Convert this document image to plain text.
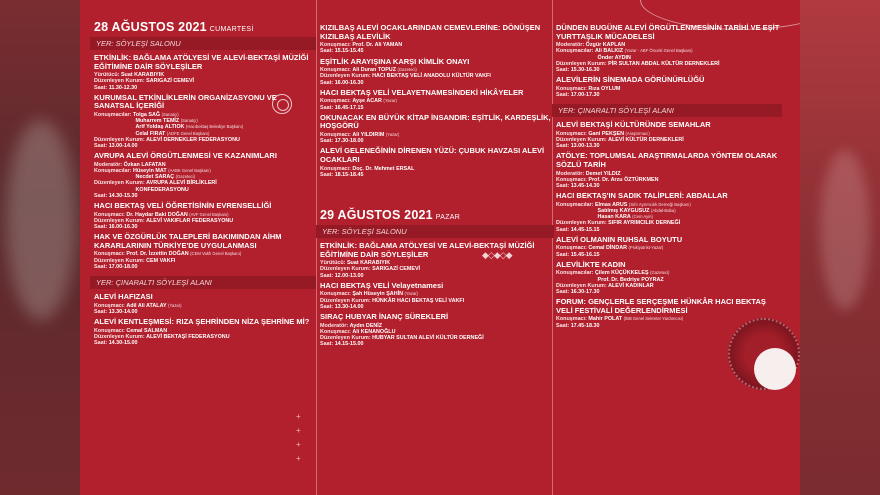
28 AĞUSTOS 2021 CUMARTESİ
YER: SÖYLEŞİ SALONU
ETKİNLİK: BAĞLAMA ATÖLYESİ VE ALEVİ-BEKTAŞİ MÜZİĞİ EĞİTİMİNE DAİR SÖYLEŞİLER
Yürütücü: Suat KARABIYIK
Düzenleyen Kurum: SARIGAZİ CEMEVİ
Saat: 11.30-12.30
KURUMSAL ETKİNLİKLERİN ORGANİZASYONU VE SANATSAL İÇERİĞİ
Konuşmacılar: Tolga SAĞ (Sanatçı)
Muharrem TEMİZ (Sanatçı)
Arif Yoldaş ALTIOK (Hacıbektaş Belediye Başkanı)
Celal FIRAT (ADFE Genel Başkanı)
Düzenleyen Kurum: ALEVİ DERNEKLER FEDERASYONU
Saat: 13.00-14.00
AVRUPA ALEVİ ÖRGÜTLENMESİ VE KAZANIMLARI
Moderatör: Özkan LAFATAN
Konuşmacılar: Hüseyin MAT (AABK Genel Başkanı)
Necdet SARAÇ (Gazeteci)
Düzenleyen Kurum: AVRUPA ALEVİ BİRLİKLERİ
KONFEDERASYONU
Saat: 14.30-15.30
HACI BEKTAŞ VELİ ÖĞRETİSİNİN EVRENSELLİĞİ
Konuşmacı: Dr. Haydar Baki DOĞAN (AVF Genel Başkanı)
Düzenleyen Kurum: ALEVİ VAKIFLAR FEDERASYONU
Saat: 16.00-16.30
HAK VE ÖZGÜRLÜK TALEPLERİ BAKIMINDAN AİHM KARARLARININ TÜRKİYE'DE UYGULANMASI
Konuşmacı: Prof. Dr. İzzettin DOĞAN (CEM Vakfı Genel Başkanı)
Düzenleyen Kurum: CEM VAKFI
Saat: 17.00-18.00
YER: ÇINARALTI SÖYLEŞİ ALANI
ALEVİ HAFIZASI
Konuşmacı: Adil Ali ATALAY (Yazar)
Saat: 13.30-14.00
ALEVİ KENTLEŞMESİ: RIZA ŞEHRİNDEN NİZA ŞEHRİNE Mİ?
Konuşmacı: Cemal SALMAN
Düzenleyen Kurum: ALEVİ BEKTAŞİ FEDERASYONU
Saat: 14.30-15.00
KIZILBAŞ ALEVİ OCAKLARINDAN CEMEVLERİNE: DÖNÜŞEN KIZILBAŞ ALEVİLİK
Konuşmacı: Prof. Dr. Ali YAMAN
Saat: 15.15-15.45
EŞİTLİK ARAYIŞINA KARŞI KİMLİK ONAYI
Konuşmacı: Ali Duran TOPUZ (Gazeteci)
Düzenleyen Kurum: HACI BEKTAŞ VELİ ANADOLU KÜLTÜR VAKFI
Saat: 16.00-16.30
HACI BEKTAŞ VELİ VELAYETNAMESİNDEKİ HİKÂYELER
Konuşmacı: Ayşe ACAR (Yazar)
Saat: 16.45-17.15
OKUNACAK EN BÜYÜK KİTAP İNSANDIR: EŞİTLİK, KARDEŞLİK, HOŞGÖRÜ
Konuşmacı: Ali YILDIRIM (Yazar)
Saat: 17.30-18.00
ALEVİ GELENEĞİNİN DİRENEN YÜZÜ: ÇUBUK HAVZASI ALEVİ OCAKLARI
Konuşmacı: Doç. Dr. Mehmet ERSAL
Saat: 18.15-18.45
29 AĞUSTOS 2021 PAZAR
YER: SÖYLEŞİ SALONU
ETKİNLİK: BAĞLAMA ATÖLYESİ VE ALEVİ-BEKTAŞİ MÜZİĞİ EĞİTİMİNE DAİR SÖYLEŞİLER
Yürütücü: Suat KARABIYIK
Düzenleyen Kurum: SARIGAZİ CEMEVİ
Saat: 12.00-13.00
HACI BEKTAŞ VELİ Velayetnamesi
Konuşmacı: Şah Hüseyin ŞAHİN (Yazar)
Düzenleyen Kurum: HÜNKÂR HACI BEKTAŞ VELİ VAKFI
Saat: 13.30-14.00
SIRAÇ HUBYAR İNANÇ SÜREKLERİ
Moderatör: Aydın DENİZ
Konuşmacı: Ali KENANOĞLU
Düzenleyen Kurum: HUBYAR SULTAN ALEVİ KÜLTÜR DERNEĞİ
Saat: 14.15-15.00
◆◇◆◇◆
DÜNDEN BUGÜNE ALEVİ ÖRGÜTLENMESİNİN TARİHİ VE EŞİT YURTTAŞLIK MÜCADELESİ
Moderatör: Özgür KAPLAN
Konuşmacılar: Ali BALKIZ (Yazar - ABF Önceki Genel Başkanı)
Önder AYDIN
Düzenleyen Kurum: PİR SULTAN ABDAL KÜLTÜR DERNEKLERİ
Saat: 15.30-16.30
ALEVİLERİN SİNEMADA GÖRÜNÜRLÜĞÜ
Konuşmacı: Rıza OYLUM
Saat: 17.00-17.30
YER: ÇINARALTI SÖYLEŞİ ALANI
ALEVİ BEKTAŞİ KÜLTÜRÜNDE SEMAHLAR
Konuşmacı: Gani PEKŞEN (Araştırmacı)
Düzenleyen Kurum: ALEVİ KÜLTÜR DERNEKLERİ
Saat: 13.00-13.30
ATÖLYE: TOPLUMSAL ARAŞTIRMALARDA YÖNTEM OLARAK SÖZLÜ TARİH
Moderatör: Demet YILDIZ
Konuşmacı: Prof. Dr. Arzu ÖZTÜRKMEN
Saat: 13.45-14.30
HACI BEKTAŞ'IN SADIK TALİPLERİ: ABDALLAR
Konuşmacılar: Elmas ARUS (Sıfır Ayrımcılık Derneği Başkanı)
Satılmış KAYGUSUZ (Abdal-Baba)
Hasan KARA (Cem Ayin)
Düzenleyen Kurum: SIFIR AYRIMCILIK DERNEĞİ
Saat: 14.45-15.15
ALEVİ OLMANIN RUHSAL BOYUTU
Konuşmacı: Cemal DİNDAR (Psikiyatrist-Yazar)
Saat: 15.45-16.15
ALEVİLİKTE KADIN
Konuşmacılar: Çilem KÜÇÜKKELEŞ (Gazeteci)
Prof. Dr. Bedriye POYRAZ
Düzenleyen Kurum: ALEVİ KADINLAR
Saat: 16.30-17.30
FORUM: GENÇLERLE SERÇEŞME HÜNKÂR HACI BEKTAŞ VELİ FESTİVALİ DEĞERLENDİRMESİ
Konuşmacı: Mahir POLAT (İBB Genel Sekreter Yardımcısı)
Saat: 17.45-18.30
+
+
+
+
